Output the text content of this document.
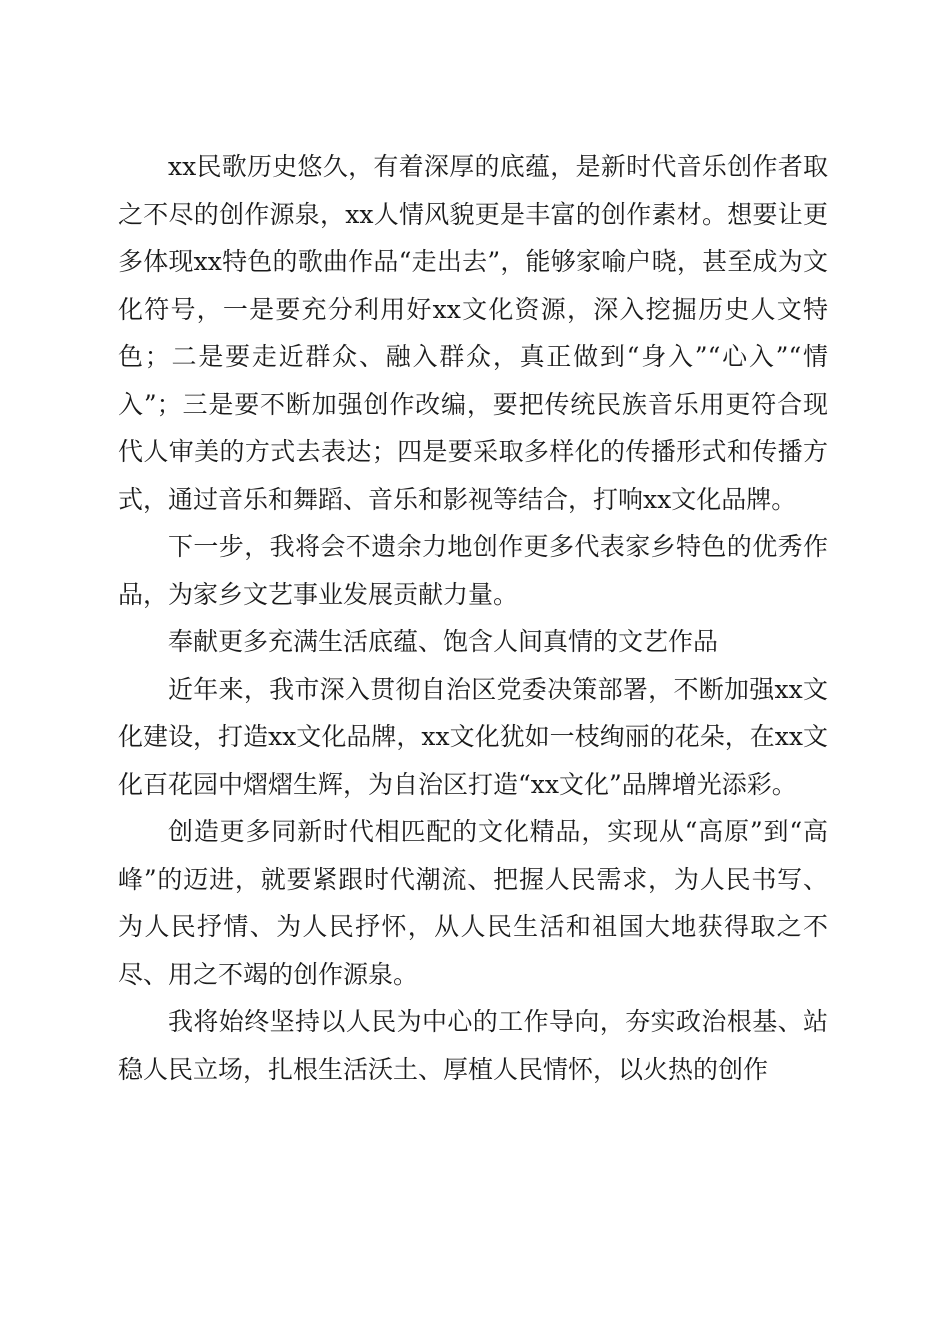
xx民歌历史悠久，有着深厚的底蕴，是新时代音乐创作者取之不尽的创作源泉，xx人情风貌更是丰富的创作素材。想要让更多体现xx特色的歌曲作品“走出去”，能够家喻户晓，甚至成为文化符号，一是要充分利用好xx文化资源，深入挖掘历史人文特色；二是要走近群众、融入群众，真正做到“身入”“心入”“情入”；三是要不断加强创作改编，要把传统民族音乐用更符合现代人审美的方式去表达；四是要采取多样化的传播形式和传播方式，通过音乐和舞蹈、音乐和影视等结合，打响xx文化品牌。

下一步，我将会不遗余力地创作更多代表家乡特色的优秀作品，为家乡文艺事业发展贡献力量。

奉献更多充满生活底蕴、饱含人间真情的文艺作品

近年来，我市深入贯彻自治区党委决策部署，不断加强xx文化建设，打造xx文化品牌，xx文化犹如一枝绚丽的花朵，在xx文化百花园中熠熠生辉，为自治区打造“xx文化”品牌增光添彩。

创造更多同新时代相匹配的文化精品，实现从“高原”到“高峰”的迈进，就要紧跟时代潮流、把握人民需求，为人民书写、为人民抒情、为人民抒怀，从人民生活和祖国大地获得取之不尽、用之不竭的创作源泉。

我将始终坚持以人民为中心的工作导向，夯实政治根基、站稳人民立场，扎根生活沃土、厚植人民情怀，以火热的创作
